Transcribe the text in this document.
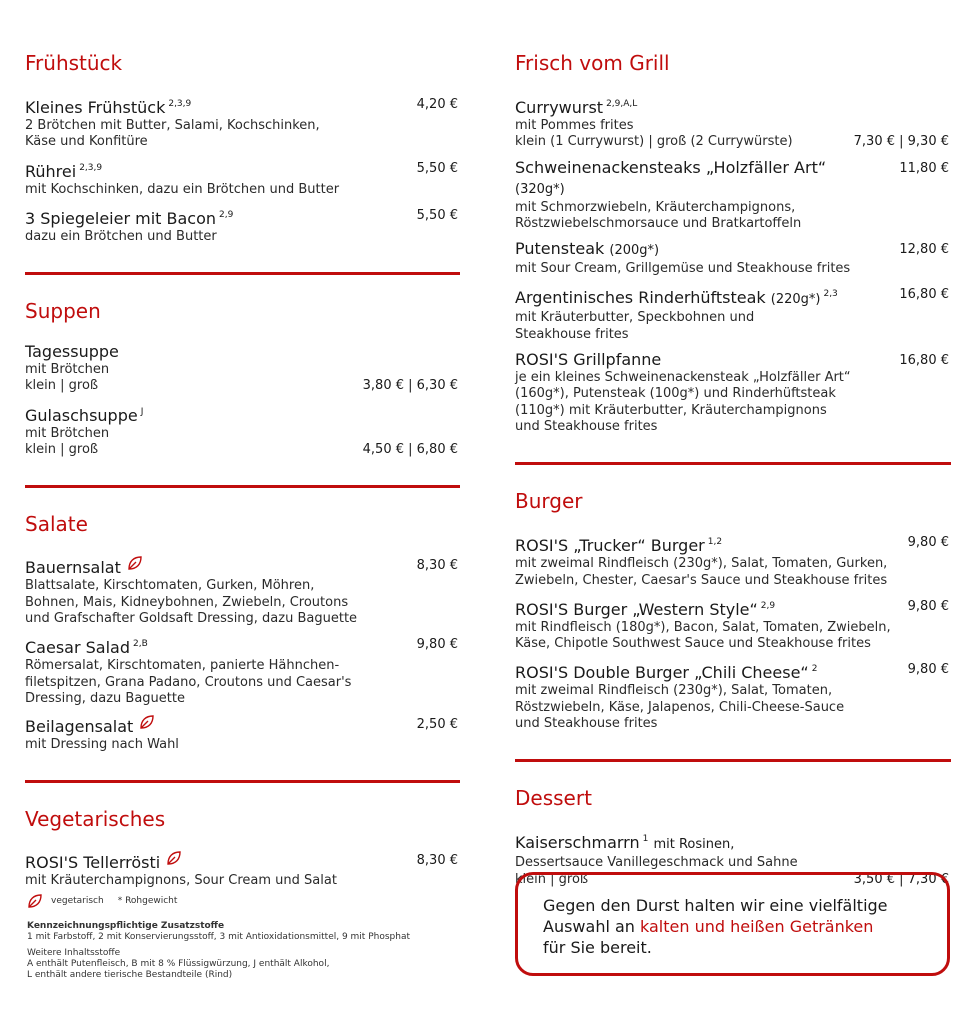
Frühstück
Kleines Frühstück $^{2,3,9}$
2 Brötchen mit Butter, Salami, Kochschinken,
Käse und Konfitüre
4,20 €
Rührei $^{2,3,9}$
mit Kochschinken, dazu ein Brötchen und Butter
5,50 €
3 Spiegeleier mit Bacon $^{2,9}$
dazu ein Brötchen und Butter
5,50 €
Suppen
Tagessuppe
mit Brötchen
klein | groß	3,80 € | 6,30 €
Gulaschsuppe $^J$
mit Brötchen
klein | groß	4,50 € | 6,80 €
Salate
Bauernsalat
Blattsalate, Kirschtomaten, Gurken, Möhren,
Bohnen, Mais, Kidneybohnen, Zwiebeln, Croutons
und Grafschafter Goldsaft Dressing, dazu Baguette
8,30 €
Caesar Salad $^{2,B}$
Römersalat, Kirschtomaten, panierte Hähnchen-
filetspitzen, Grana Padano, Croutons und Caesar's
Dressing, dazu Baguette
9,80 €
Beilagensalat
mit Dressing nach Wahl
2,50 €
Vegetarisches
ROSI'S Tellerrösti
mit Kräuterchampignons, Sour Cream und Salat
8,30 €
Frisch vom Grill
Currywurst $^{2,9,A,L}$
mit Pommes frites
klein (1 Currywurst) | groß (2 Currywürste)	7,30 € | 9,30 €
Schweinenackensteaks „Holzfäller Art“ (320g*)
mit Schmorzwiebeln, Kräuterchampignons,
Röstzwiebelschmorsauce und Bratkartoffeln
11,80 €
Putensteak (200g*)
mit Sour Cream, Grillgemüse und Steakhouse frites
12,80 €
Argentinisches Rinderhüftsteak (220g*) $^{2,3}$
mit Kräuterbutter, Speckbohnen und
Steakhouse frites
16,80 €
ROSI'S Grillpfanne
je ein kleines Schweinenackensteak „Holzfäller Art“
(160g*), Putensteak (100g*) und Rinderhüftsteak
(110g*) mit Kräuterbutter, Kräuterchampignons
und Steakhouse frites
16,80 €
Burger
ROSI'S „Trucker“ Burger $^{1,2}$
mit zweimal Rindfleisch (230g*), Salat, Tomaten, Gurken,
Zwiebeln, Chester, Caesar's Sauce und Steakhouse frites
9,80 €
ROSI'S Burger „Western Style“ $^{2,9}$
mit Rindfleisch (180g*), Bacon, Salat, Tomaten, Zwiebeln,
Käse, Chipotle Southwest Sauce und Steakhouse frites
9,80 €
ROSI'S Double Burger „Chili Cheese“ $^2$
mit zweimal Rindfleisch (230g*), Salat, Tomaten,
Röstzwiebeln, Käse, Jalapenos, Chili-Cheese-Sauce
und Steakhouse frites
9,80 €
Dessert
Kaiserschmarrn $^1$ mit Rosinen,
Dessertsauce Vanillegeschmack und Sahne
klein | groß	3,50 € | 7,30 €
vegetarisch * Rohgewicht
Kennzeichnungspflichtige Zusatzstoffe
1 mit Farbstoff, 2 mit Konservierungsstoff, 3 mit Antioxidationsmittel, 9 mit Phosphat
Weitere Inhaltsstoffe
A enthält Putenfleisch, B mit 8 % Flüssigwürzung, J enthält Alkohol,
L enthält andere tierische Bestandteile (Rind)
Gegen den Durst halten wir eine vielfältige
Auswahl an kalten und heißen Getränken
für Sie bereit.
